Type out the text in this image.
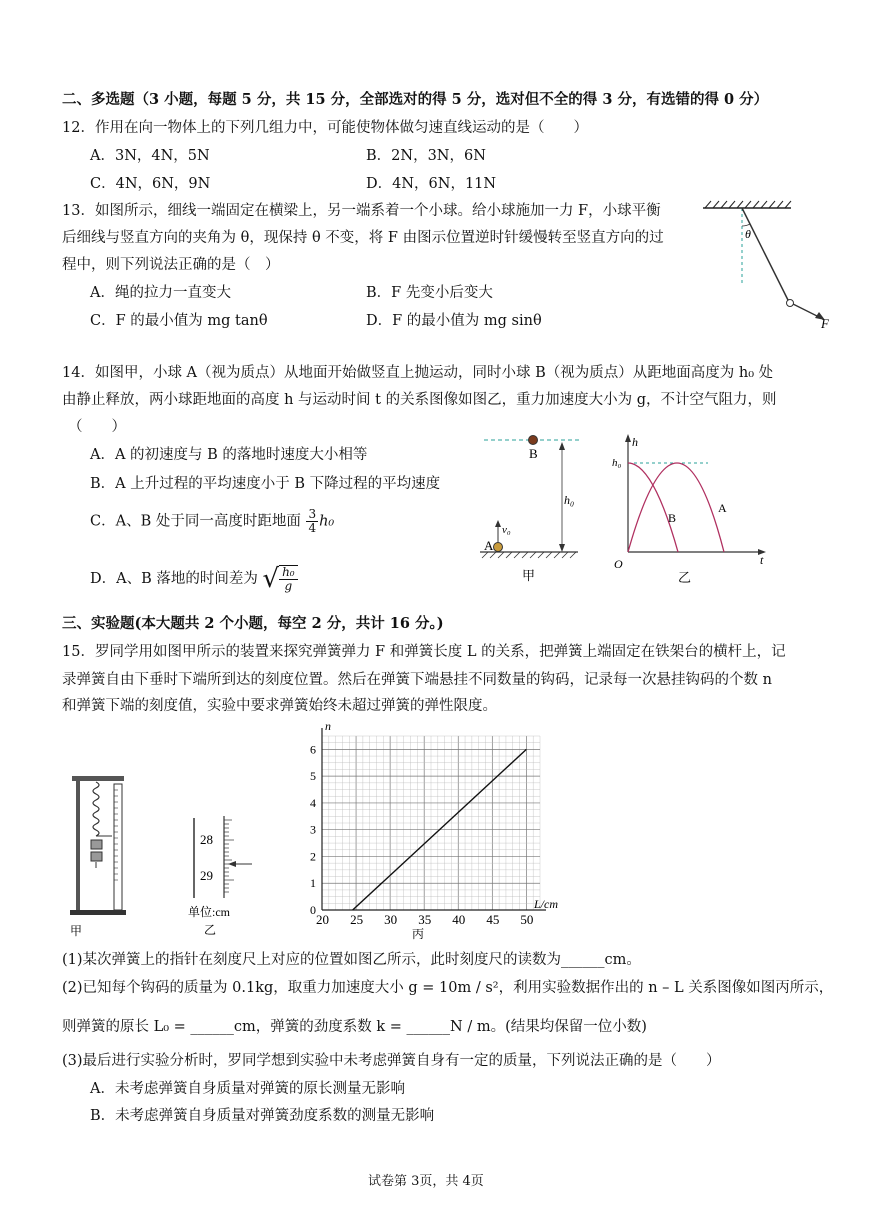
二、多选题（3 小题，每题 5 分，共 15 分，全部选对的得 5 分，选对但不全的得 3 分，有选错的得 0 分）
12．作用在向一物体上的下列几组力中，可能使物体做匀速直线运动的是（　　）
A．3N，4N，5N	B．2N，3N，6N
C．4N，6N，9N	D．4N，6N，11N
13．如图所示，细线一端固定在横梁上，另一端系着一个小球。给小球施加一力 F，小球平衡
后细线与竖直方向的夹角为 θ，现保持 θ 不变，将 F 由图示位置逆时针缓慢转至竖直方向的过
程中，则下列说法正确的是（　）
A．绳的拉力一直变大	B．F 先变小后变大
C．F 的最小值为 mg tanθ	D．F 的最小值为 mg sinθ
θ
F
14．如图甲，小球 A（视为质点）从地面开始做竖直上抛运动，同时小球 B（视为质点）从距地面高度为 h₀ 处
由静止释放，两小球距地面的高度 h 与运动时间 t 的关系图像如图乙，重力加速度大小为 g，不计空气阻力，则
（　　）
A．A 的初速度与 B 的落地时速度大小相等
B．A 上升过程的平均速度小于 B 下降过程的平均速度
C．A、B 处于同一高度时距地面 $\frac{3}{4} h_0$
D．A、B 落地的时间差为 √ $\frac{\text{h₀}}{g}$
B
h₀
A
v₀
甲
h
t
O
h₀
B
A
乙
三、实验题(本大题共 2 个小题，每空 2 分，共计 16 分。)
15．罗同学用如图甲所示的装置来探究弹簧弹力 F 和弹簧长度 L 的关系，把弹簧上端固定在铁架台的横杆上，记
录弹簧自由下垂时下端所到达的刻度位置。然后在弹簧下端悬挂不同数量的钩码，记录每一次悬挂钩码的个数 n
和弹簧下端的刻度值，实验中要求弹簧始终未超过弹簧的弹性限度。
甲
28
29
单位:cm
乙
20 25 30 35 40 45 50
0
1
2
3
4
5
6
L/cm
n
丙
(1)某次弹簧上的指针在刻度尺上对应的位置如图乙所示，此时刻度尺的读数为______cm。
(2)已知每个钩码的质量为 0.1kg，取重力加速度大小 g = 10m / s²，利用实验数据作出的 n – L 关系图像如图丙所示，
则弹簧的原长 L₀ = ______cm，弹簧的劲度系数 k = ______N / m。(结果均保留一位小数)
(3)最后进行实验分析时，罗同学想到实验中未考虑弹簧自身有一定的质量，下列说法正确的是（　　）
A．未考虑弹簧自身质量对弹簧的原长测量无影响
B．未考虑弹簧自身质量对弹簧劲度系数的测量无影响
试卷第 3页，共 4页
